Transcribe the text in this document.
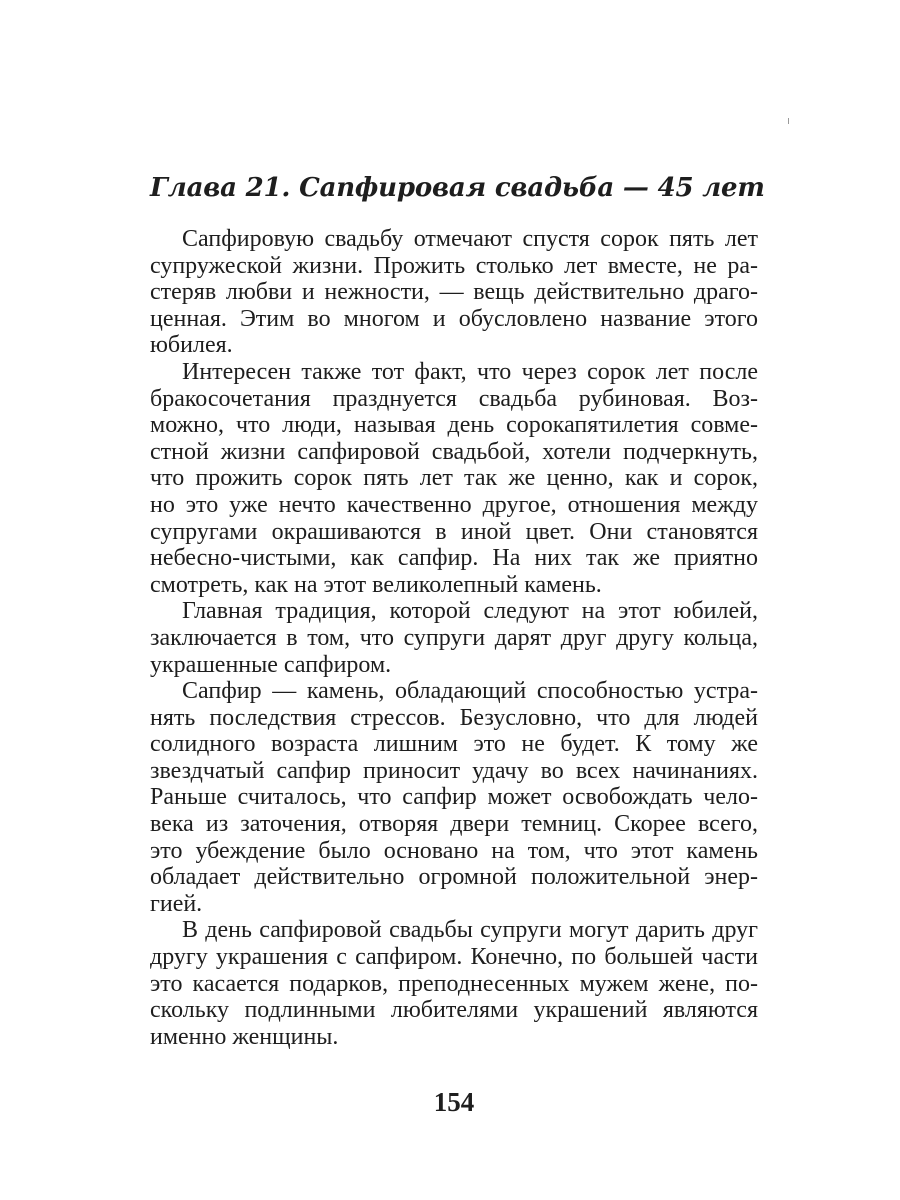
Глава 21. Сапфировая свадьба — 45 лет

Сапфировую свадьбу отмечают спустя сорок пять лет
супружеской жизни. Прожить столько лет вместе, не ра-
стеряв любви и нежности, — вещь действительно драго-
ценная. Этим во многом и обусловлено название этого
юбилея.

Интересен также тот факт, что через сорок лет после
бракосочетания празднуется свадьба рубиновая. Воз-
можно, что люди, называя день сорокапятилетия совме-
стной жизни сапфировой свадьбой, хотели подчеркнуть,
что прожить сорок пять лет так же ценно, как и сорок,
но это уже нечто качественно другое, отношения между
супругами окрашиваются в иной цвет. Они становятся
небесно-чистыми, как сапфир. На них так же приятно
смотреть, как на этот великолепный камень.

Главная традиция, которой следуют на этот юбилей,
заключается в том, что супруги дарят друг другу кольца,
украшенные сапфиром.

Сапфир — камень, обладающий способностью устра-
нять последствия стрессов. Безусловно, что для людей
солидного возраста лишним это не будет. К тому же
звездчатый сапфир приносит удачу во всех начинаниях.
Раньше считалось, что сапфир может освобождать чело-
века из заточения, отворяя двери темниц. Скорее всего,
это убеждение было основано на том, что этот камень
обладает действительно огромной положительной энер-
гией.

В день сапфировой свадьбы супруги могут дарить друг
другу украшения с сапфиром. Конечно, по большей части
это касается подарков, преподнесенных мужем жене, по-
скольку подлинными любителями украшений являются
именно женщины.

154
